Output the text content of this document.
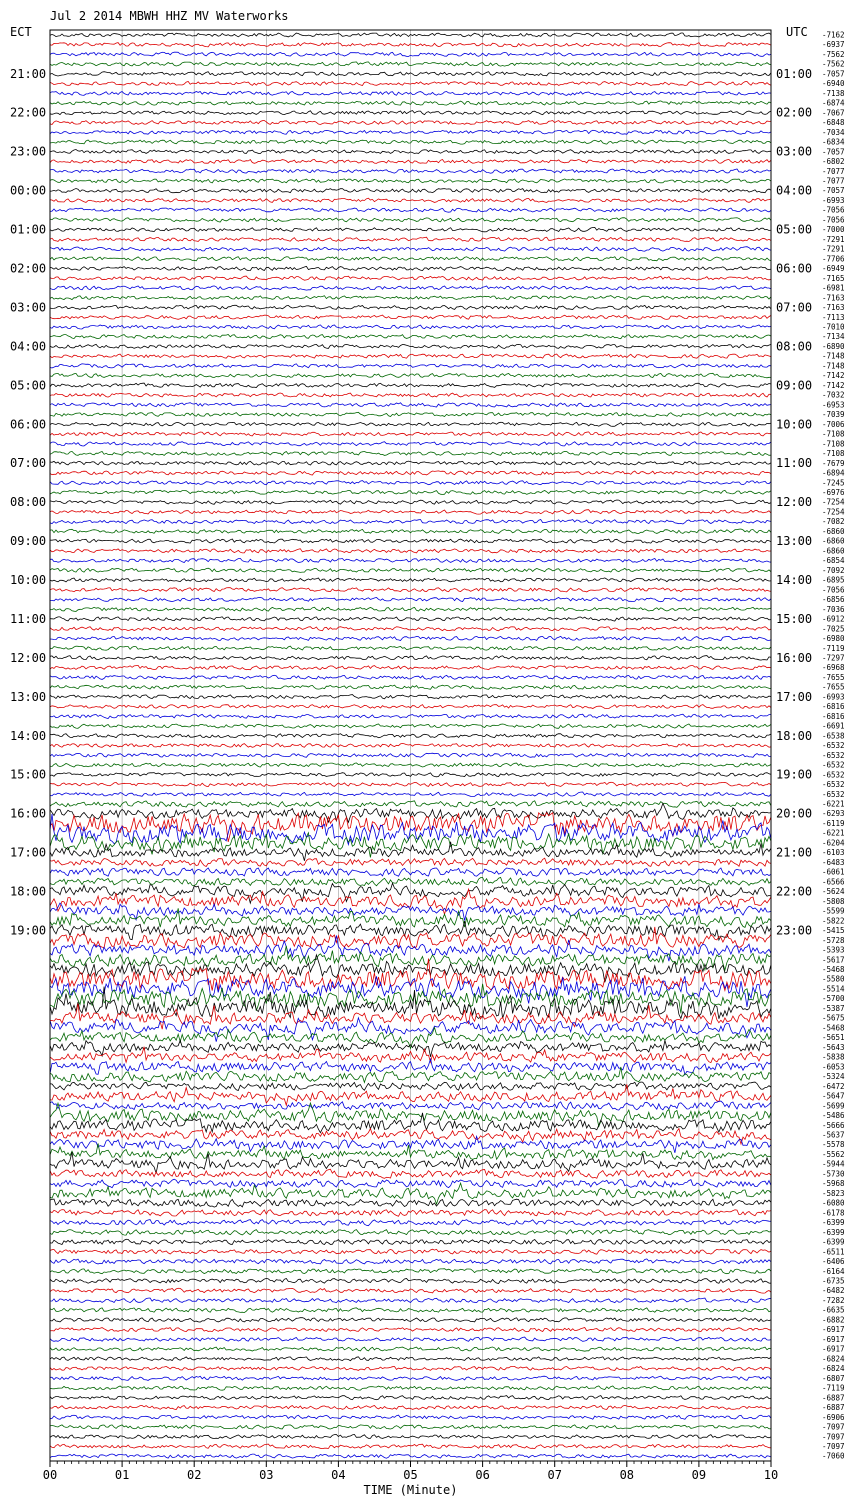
Jul 2 2014 MBWH HHZ MV Waterworks
ECT	UTC
21:00
22:00
23:00
00:00
01:00
02:00
03:00
04:00
05:00
06:00
07:00
08:00
09:00
10:00
11:00
12:00
13:00
14:00
15:00
16:00
17:00
18:00
19:00
01:00
02:00
03:00
04:00
05:00
06:00
07:00
08:00
09:00
10:00
11:00
12:00
13:00
14:00
15:00
16:00
17:00
18:00
19:00
20:00
21:00
22:00
23:00
-7162
-6937
-7562
-7562
-7057
-6940
-7138
-6874
-7067
-6848
-7034
-6834
-7057
-6802
-7077
-7077
-7057
-6993
-7056
-7056
-7000
-7291
-7291
-7706
-6949
-7165
-6981
-7163
-7163
-7113
-7010
-7134
-6890
-7148
-7148
-7142
-7142
-7032
-6953
-7039
-7006
-7108
-7108
-7108
-7679
-6894
-7245
-6976
-7254
-7254
-7082
-6860
-6860
-6860
-6854
-7092
-6895
-7056
-6856
-7036
-6912
-7025
-6980
-7119
-7297
-6968
-7655
-7655
-6993
-6816
-6816
-6691
-6538
-6532
-6532
-6532
-6532
-6532
-6532
-6221
-6293
-6119
-6221
-6204
-6103
-6483
-6061
-6566
-5624
-5808
-5599
-5822
-5415
-5728
-5393
-5617
-5468
-5580
-5514
-5700
-5387
-5675
-5468
-5651
-5643
-5838
-6053
-5324
-6472
-5647
-5699
-5486
-5666
-5637
-5578
-5562
-5944
-5730
-5968
-5823
-6080
-6178
-6399
-6399
-6399
-6511
-6406
-6164
-6735
-6482
-7282
-6635
-6882
-6917
-6917
-6917
-6824
-6824
-6807
-7119
-6887
-6887
-6906
-7097
-7097
-7097
-7060
00	01	02	03	04	05	06	07	08	09	10
TIME (Minute)
